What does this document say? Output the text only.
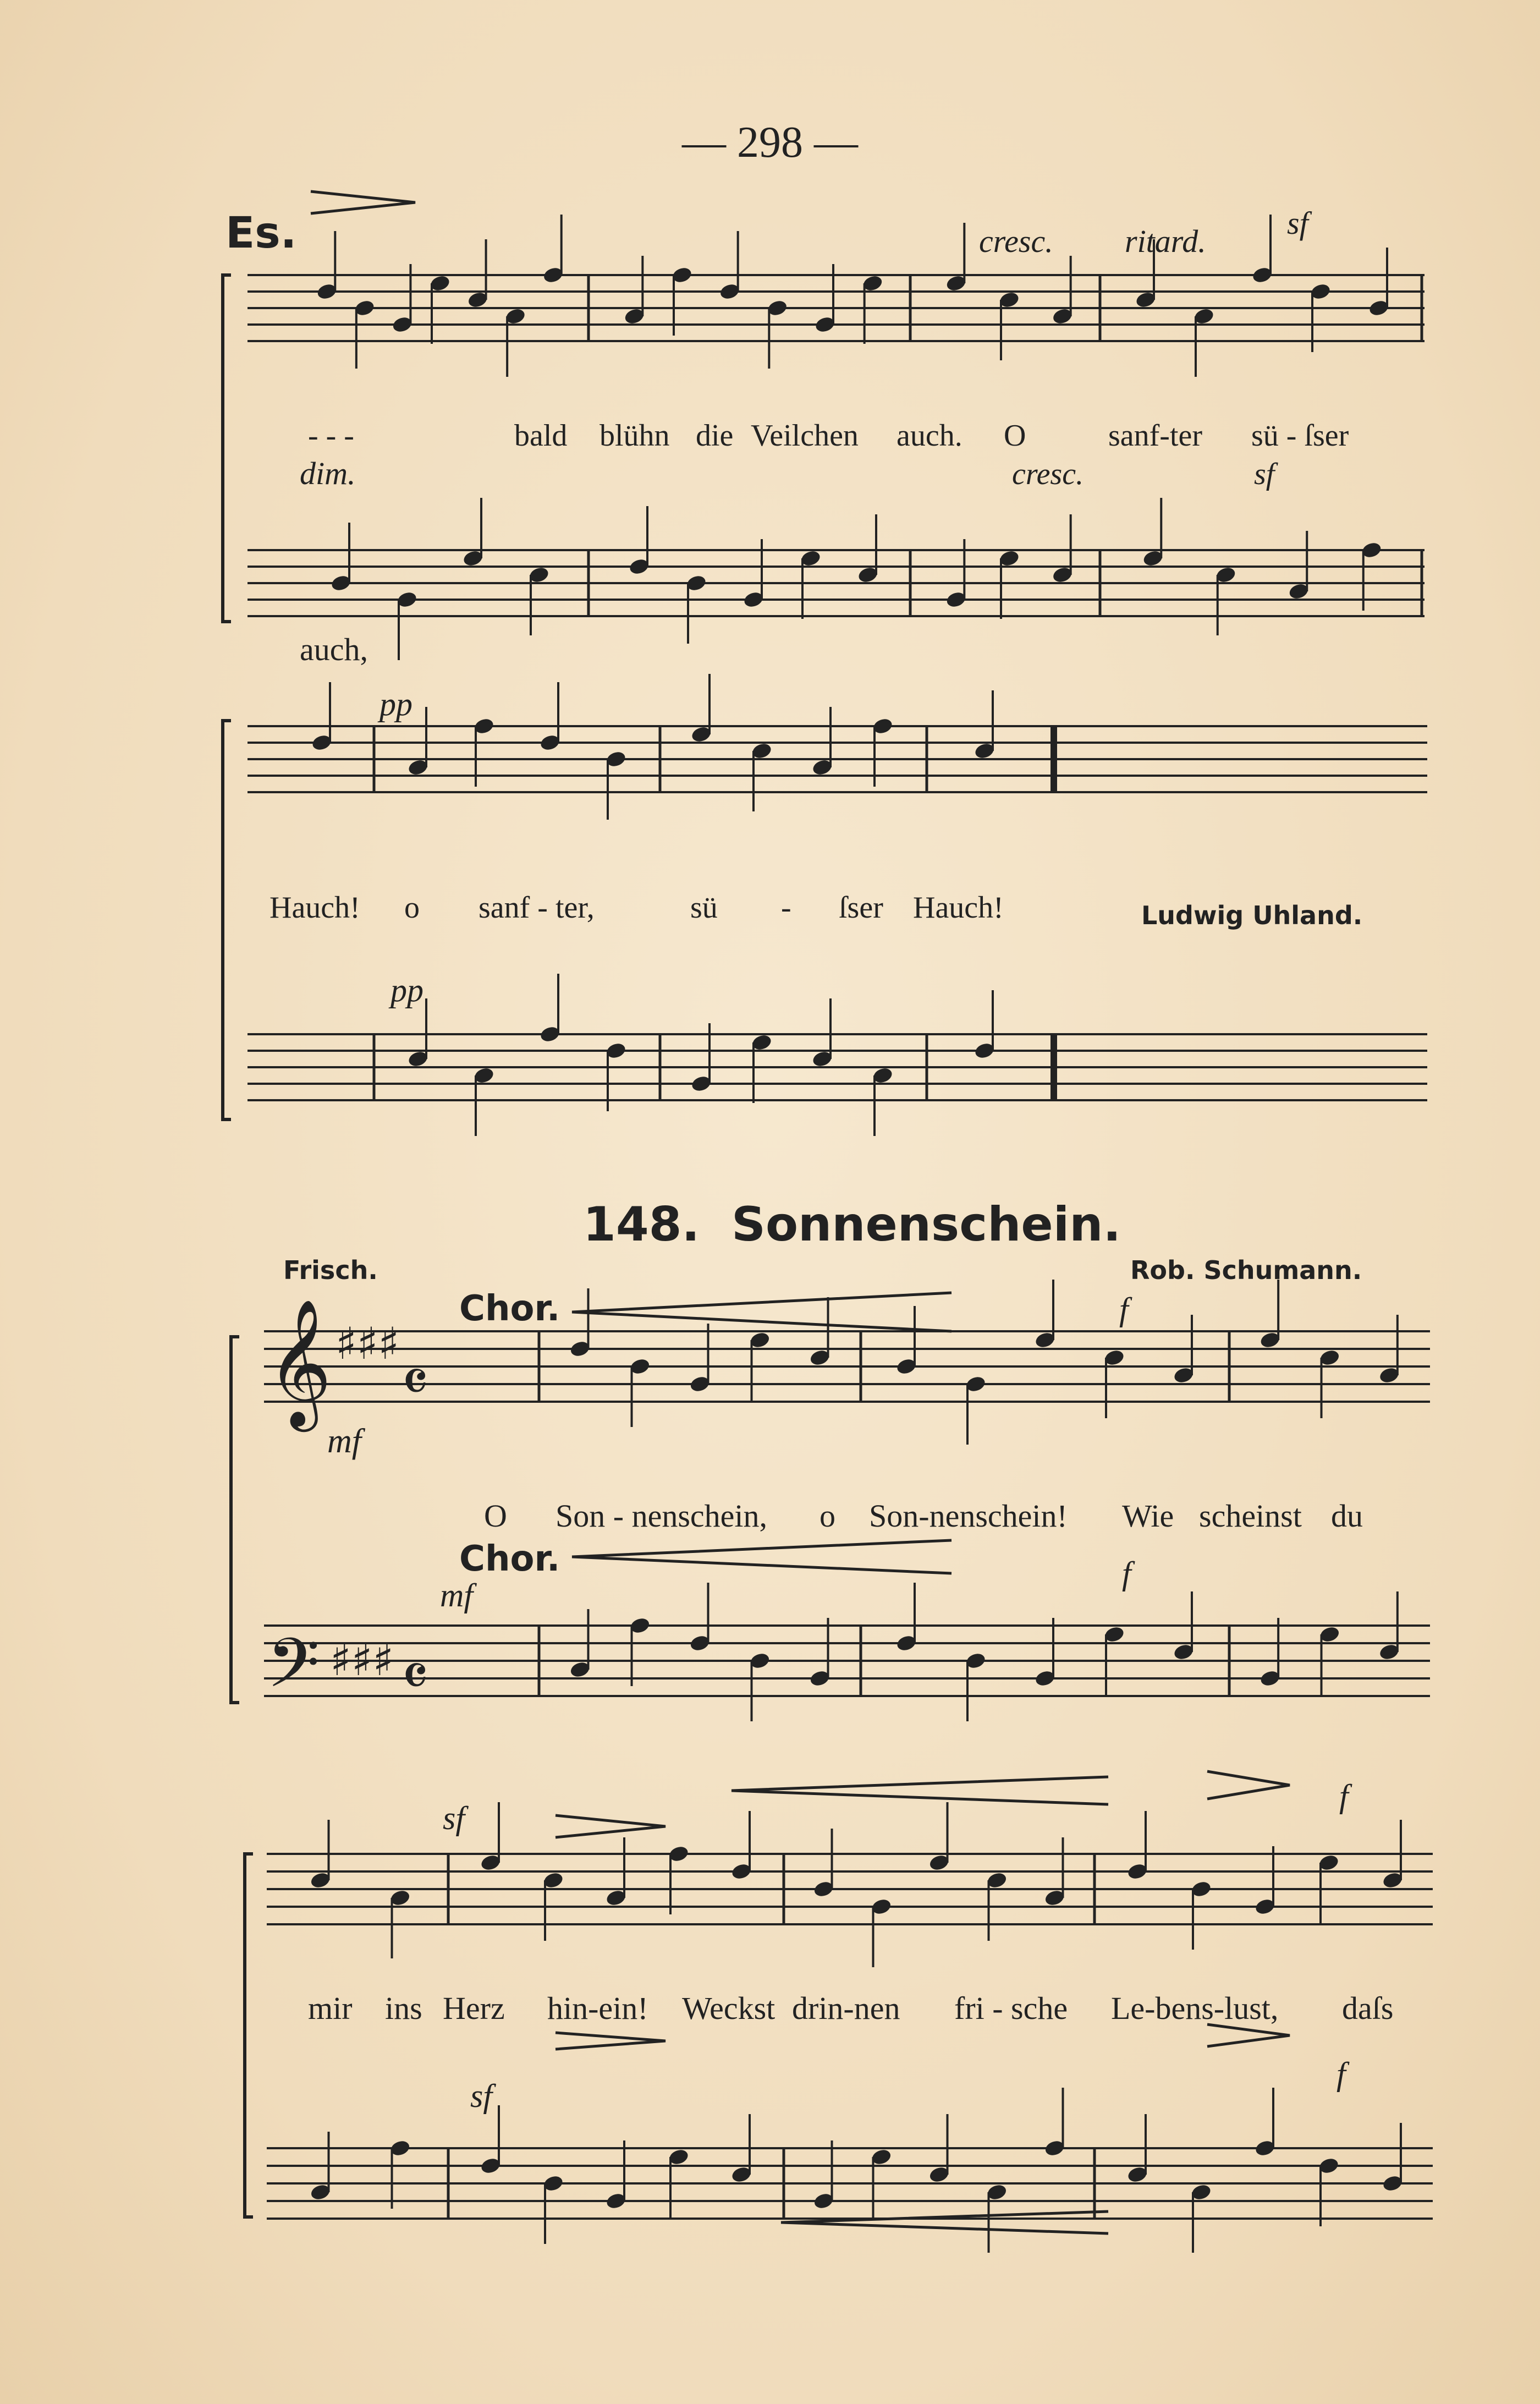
— 298 —
Es.	cresc. ritard.
sf
- - -	bald blühn die Veilchen auch. O	sanf-ter sü - ſser
dim.	cresc.	sf
auch,
pp
Hauch! o sanf - ter,	sü - ſser Hauch!	Ludwig Uhland.
pp
148. Sonnenschein.
Frisch.	Rob. Schumann.
Chor.	f
𝄞 ♯♯♯
𝄴
mf
O Son - nenschein, o Son-nenschein! Wie scheinst du
Chor.
mf
f
𝄢 ♯♯♯ 𝄴
sf
f
mir ins Herz hin-ein! Weckst drin-nen fri - sche Le-bens-lust, daſs
sf
f
